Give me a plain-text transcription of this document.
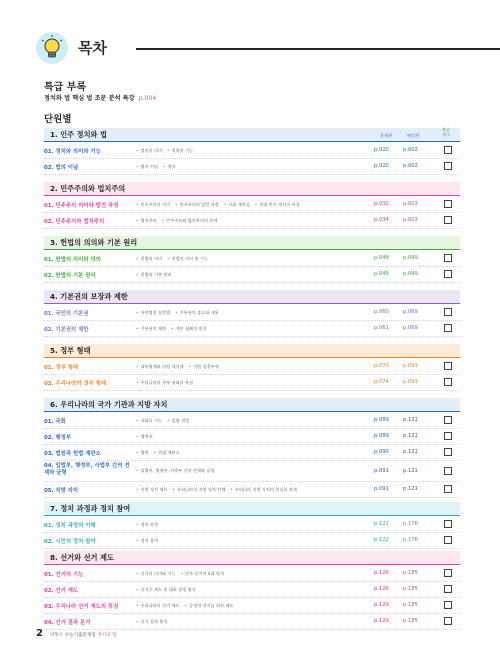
목차
특급 부록
정치와 법 핵심 법 조문 분석 특강 p.004
단원별
1. 인주 정치와 법	문제편	해설편
복습
체크
01. 정치와 의미와 기능	• 정치의 의미 • 정치의 기능	p.020	p.002
02. 법의 이념	• 법의 이념 • 정의	p.020	p.002
2. 민주주의와 법치주의
01. 민주주의 의미와 발전 과정	• 민주주의의 의미 • 민주주의의 발전 과정 • 사회 계약설 • 현대 민주 정치의 특징	p.032	p.023
02. 민주주의와 법치주의	• 법치주의 • 민주주의와 법치주의의 관계	p.034	p.023
3. 헌법의 의의와 기본 원리
01. 헌법의 의미와 의의	• 헌법의 의미 • 헌법의 의의 및 기능	p.048	p.049
02. 헌법의 기본 원리	• 헌법의 기본 원리	p.049	p.049
4. 기본권의 보장과 제한
01. 국민의 기본권	• 자연법적 집정법 • 기본권의 종류와 내용	p.060	p.069
02. 기본권의 제한	• 기본권의 제한 • 개인 침해의 원칙	p.061	p.069
5. 정부 형태
01. 정부 형태	• 대통령제와 의원 내각제 • 이원 집정부제	p.073	p.091
02. 우리나라의 정부 형태	• 우리나라의 정부 형태의 특징	p.074	p.091
6. 우리나라의 국가 기관과 지방 자치
01. 국회	• 국회의 기능 • 입법 개정	p.089	p.121
02. 행정부	• 행정부	p.089	p.121
03. 법원과 헌법 재판소	• 법원 • 헌법 재판소	p.090	p.121
04. 입법부, 행정부, 사법부 간의 견제와 균형	• 입법부, 행정부, 사법부 간의 견제와 균형	p.091	p.121
05. 지방 자치	• 지방 자치 제도 • 우리나라의 지방 자치 단체 • 우리나라 지방 자치의 현실과 과제	p.091	p.121
7. 정치 과정과 정치 참여
01. 정치 과정의 이해	• 정치 과정	p.121	p.176
02. 시민의 정치 참여	• 정치 참여	p.122	p.176
8. 선거와 선거 제도
01. 선거의 기능	• 선거의 의미와 기능 • 민주 선거의 4대 원칙	p.128	p.185
02. 선거 제도	• 선거구 제도 및 대표 결정 방식	p.128	p.185
03. 우리나라 선거 제도의 특징	• 우리나라의 선거 제도 • 공정한 선거를 위한 제도	p.129	p.185
04. 선거 결과 분석	• 선거 결과 분석	p.129	p.185
2 이투스 수능기출문제집 정치와 법
